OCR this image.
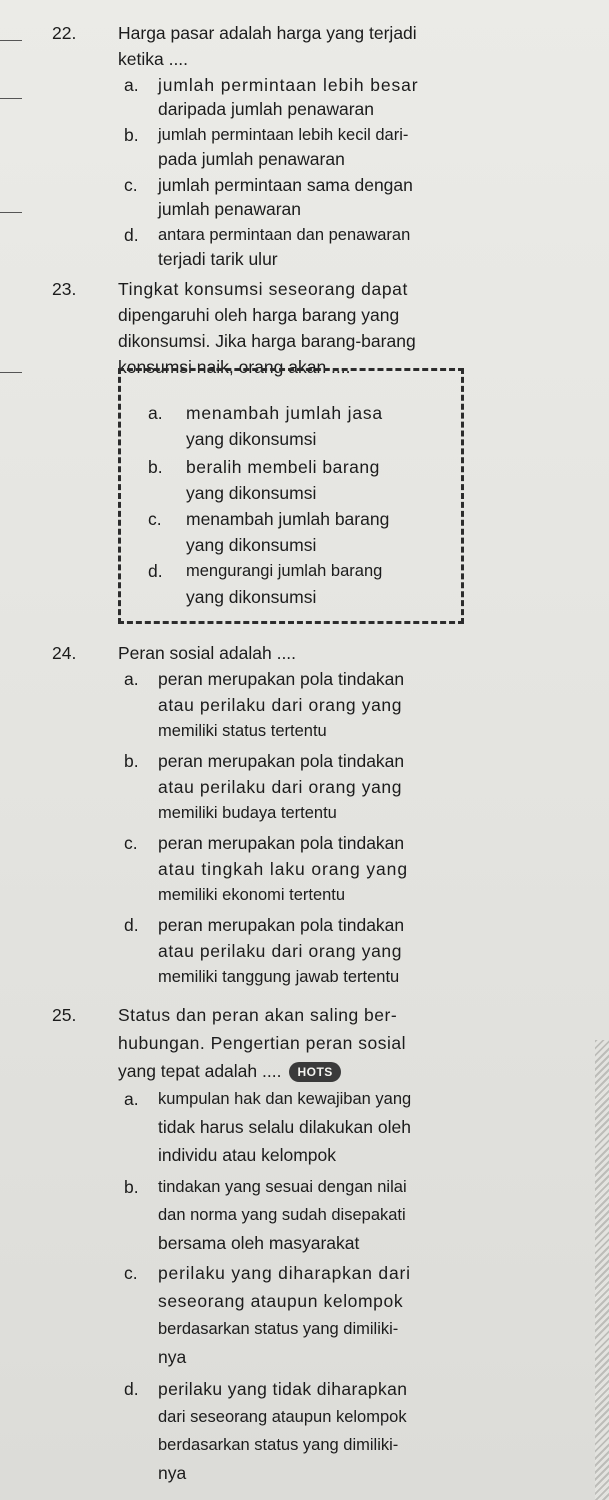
22. Harga pasar adalah harga yang terjadi
ketika ....
a. jumlah permintaan lebih besar
daripada jumlah penawaran
b. jumlah permintaan lebih kecil dari-
pada jumlah penawaran
c. jumlah permintaan sama dengan
jumlah penawaran
d. antara permintaan dan penawaran
terjadi tarik ulur
23. Tingkat konsumsi seseorang dapat
dipengaruhi oleh harga barang yang
dikonsumsi. Jika harga barang-barang
konsumsi naik, orang akan ....
a. menambah jumlah jasa
yang dikonsumsi
b. beralih membeli barang
yang dikonsumsi
c. menambah jumlah barang
yang dikonsumsi
d. mengurangi jumlah barang
yang dikonsumsi
24. Peran sosial adalah ....
a. peran merupakan pola tindakan
atau perilaku dari orang yang
memiliki status tertentu
b. peran merupakan pola tindakan
atau perilaku dari orang yang
memiliki budaya tertentu
c. peran merupakan pola tindakan
atau tingkah laku orang yang
memiliki ekonomi tertentu
d. peran merupakan pola tindakan
atau perilaku dari orang yang
memiliki tanggung jawab tertentu
25. Status dan peran akan saling ber-
hubungan. Pengertian peran sosial
yang tepat adalah .... HOTS
a. kumpulan hak dan kewajiban yang
tidak harus selalu dilakukan oleh
individu atau kelompok
b. tindakan yang sesuai dengan nilai
dan norma yang sudah disepakati
bersama oleh masyarakat
c. perilaku yang diharapkan dari
seseorang ataupun kelompok
berdasarkan status yang dimiliki-
nya
d. perilaku yang tidak diharapkan
dari seseorang ataupun kelompok
berdasarkan status yang dimiliki-
nya
